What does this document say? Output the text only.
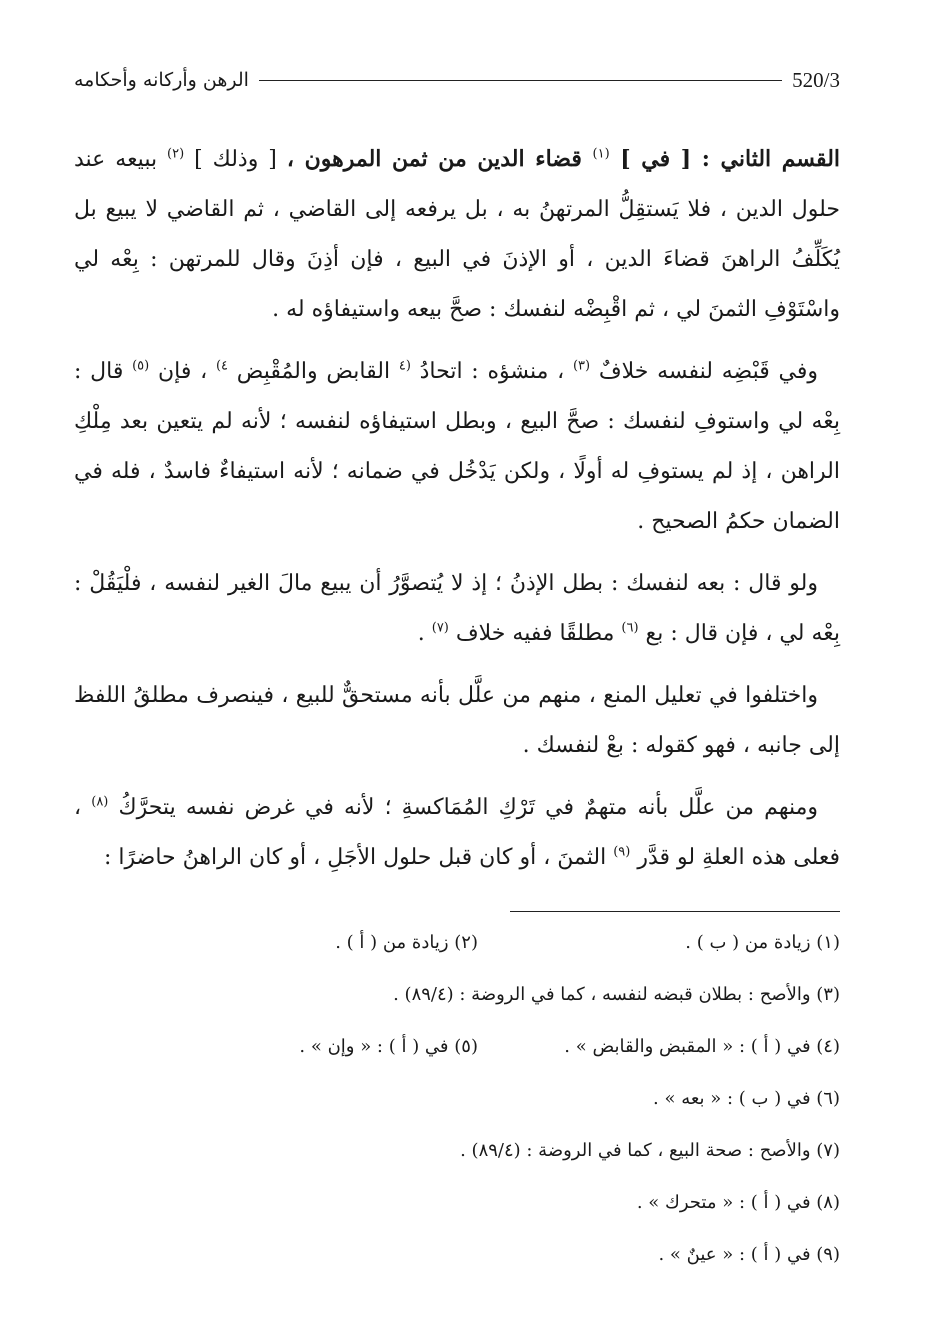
520/3
الرهن وأركانه وأحكامه

القسم الثاني : [ في ] $^{(١)}$ قضاء الدين من ثمن المرهون ، [ وذلك ] $^{(٢)}$ ببيعه عند حلول الدين ، فلا يَستقِلُّ المرتهنُ به ، بل يرفعه إلى القاضي ، ثم القاضي لا يبيع بل يُكَلِّفُ الراهنَ قضاءَ الدين ، أو الإذنَ في البيع ، فإن أذِنَ وقال للمرتهن : بِعْه لي واسْتَوْفِ الثمنَ لي ، ثم اقْبِضْه لنفسك : صحَّ بيعه واستيفاؤه له .

وفي قَبْضِه لنفسه خلافٌ $^{(٣)}$ ، منشؤه : اتحادُ $^{(٤}$ القابض والمُقْبِض $^{٤)}$ ، فإن $^{(٥)}$ قال : بِعْه لي واستوفِ لنفسك : صحَّ البيع ، وبطل استيفاؤه لنفسه ؛ لأنه لم يتعين بعد مِلْكِ الراهن ، إذ لم يستوفِ له أولًا ، ولكن يَدْخُل في ضمانه ؛ لأنه استيفاءٌ فاسدٌ ، فله في الضمان حكمُ الصحيح .

ولو قال : بعه لنفسك : بطل الإذنُ ؛ إذ لا يُتصوَّرُ أن يبيع مالَ الغير لنفسه ، فلْيَقُلْ : بِعْه لي ، فإن قال : بع $^{(٦)}$ مطلقًا ففيه خلاف $^{(٧)}$ .

واختلفوا في تعليل المنع ، منهم من علَّل بأنه مستحقٌّ للبيع ، فينصرف مطلقُ اللفظ إلى جانبه ، فهو كقوله : بعْ لنفسك .

ومنهم من علَّل بأنه متهمٌ في تَرْكِ المُمَاكسةِ ؛ لأنه في غرض نفسه يتحرَّكُ $^{(٨)}$ ، فعلى هذه العلةِ لو قدَّر $^{(٩)}$ الثمنَ ، أو كان قبل حلول الأجَلِ ، أو كان الراهنُ حاضرًا :

(١) زيادة من ( ب ) .
(٢) زيادة من ( أ ) .
(٣) والأصح : بطلان قبضه لنفسه ، كما في الروضة : (٨٩/٤) .
(٤) في ( أ ) : « المقبض والقابض » .
(٥) في ( أ ) : « وإن » .
(٦) في ( ب ) : « بعه » .
(٧) والأصح : صحة البيع ، كما في الروضة : (٨٩/٤) .
(٨) في ( أ ) : « متحرك » .
(٩) في ( أ ) : « عينٌ » .
